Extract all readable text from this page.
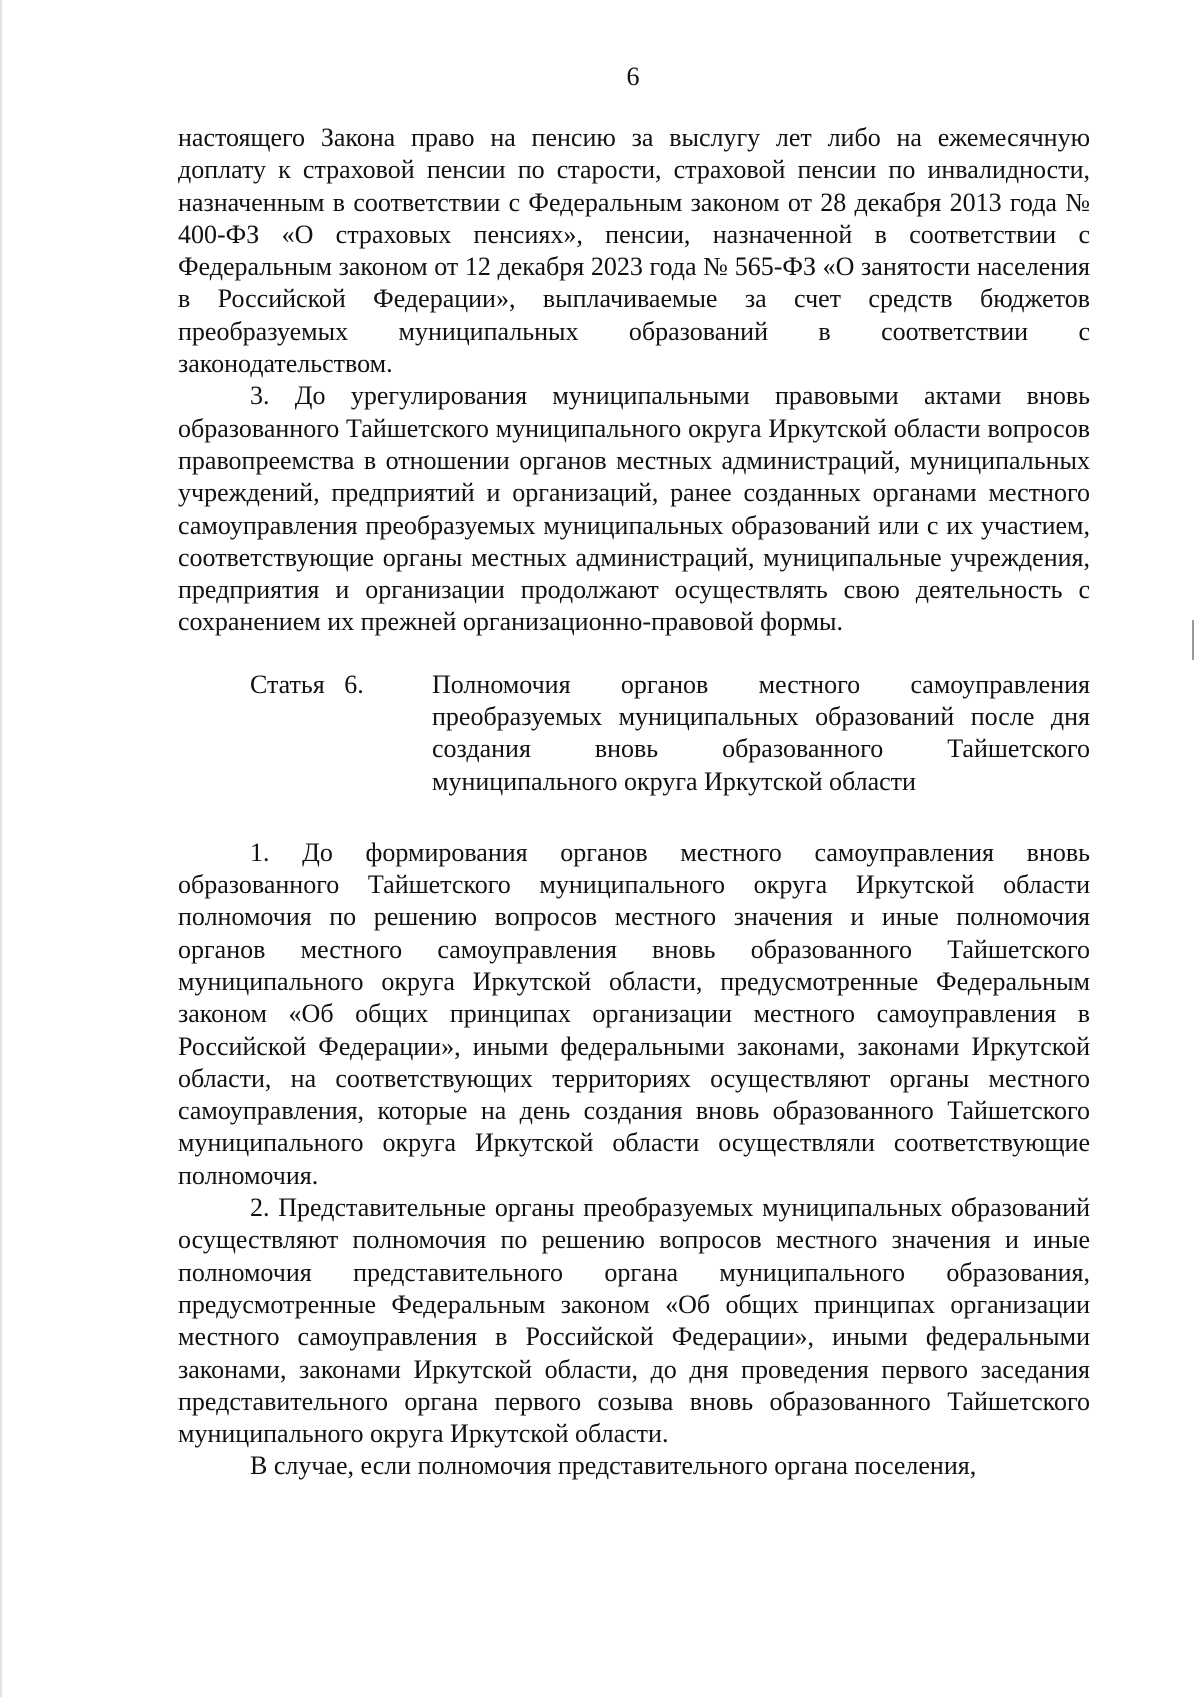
6

настоящего Закона право на пенсию за выслугу лет либо на ежемесячную доплату к страховой пенсии по старости, страховой пенсии по инвалидности, назначенным в соответствии с Федеральным законом от 28 декабря 2013 года № 400-ФЗ «О страховых пенсиях», пенсии, назначенной в соответствии с Федеральным законом от 12 декабря 2023 года № 565-ФЗ «О занятости населения в Российской Федерации», выплачиваемые за счет средств бюджетов преобразуемых муниципальных образований в соответствии с законодательством.

3. До урегулирования муниципальными правовыми актами вновь образованного Тайшетского муниципального округа Иркутской области вопросов правопреемства в отношении органов местных администраций, муниципальных учреждений, предприятий и организаций, ранее созданных органами местного самоуправления преобразуемых муниципальных образований или с их участием, соответствующие органы местных администраций, муниципальные учреждения, предприятия и организации продолжают осуществлять свою деятельность с сохранением их прежней организационно-правовой формы.

Статья   6.	Полномочия органов местного самоуправления преобразуемых муниципальных образований после дня создания вновь образованного Тайшетского муниципального округа Иркутской области

1. До формирования органов местного самоуправления вновь образованного Тайшетского муниципального округа Иркутской области полномочия по решению вопросов местного значения и иные полномочия органов местного самоуправления вновь образованного Тайшетского муниципального округа Иркутской области, предусмотренные Федеральным законом «Об общих принципах организации местного самоуправления в Российской Федерации», иными федеральными законами, законами Иркутской области, на соответствующих территориях осуществляют органы местного самоуправления, которые на день создания вновь образованного Тайшетского муниципального округа Иркутской области осуществляли соответствующие полномочия.

2. Представительные органы преобразуемых муниципальных образований осуществляют полномочия по решению вопросов местного значения и иные полномочия представительного органа муниципального образования, предусмотренные Федеральным законом «Об общих принципах организации местного самоуправления в Российской Федерации», иными федеральными законами, законами Иркутской области, до дня проведения первого заседания представительного органа первого созыва вновь образованного Тайшетского муниципального округа Иркутской области.

В случае, если полномочия представительного органа поселения,
